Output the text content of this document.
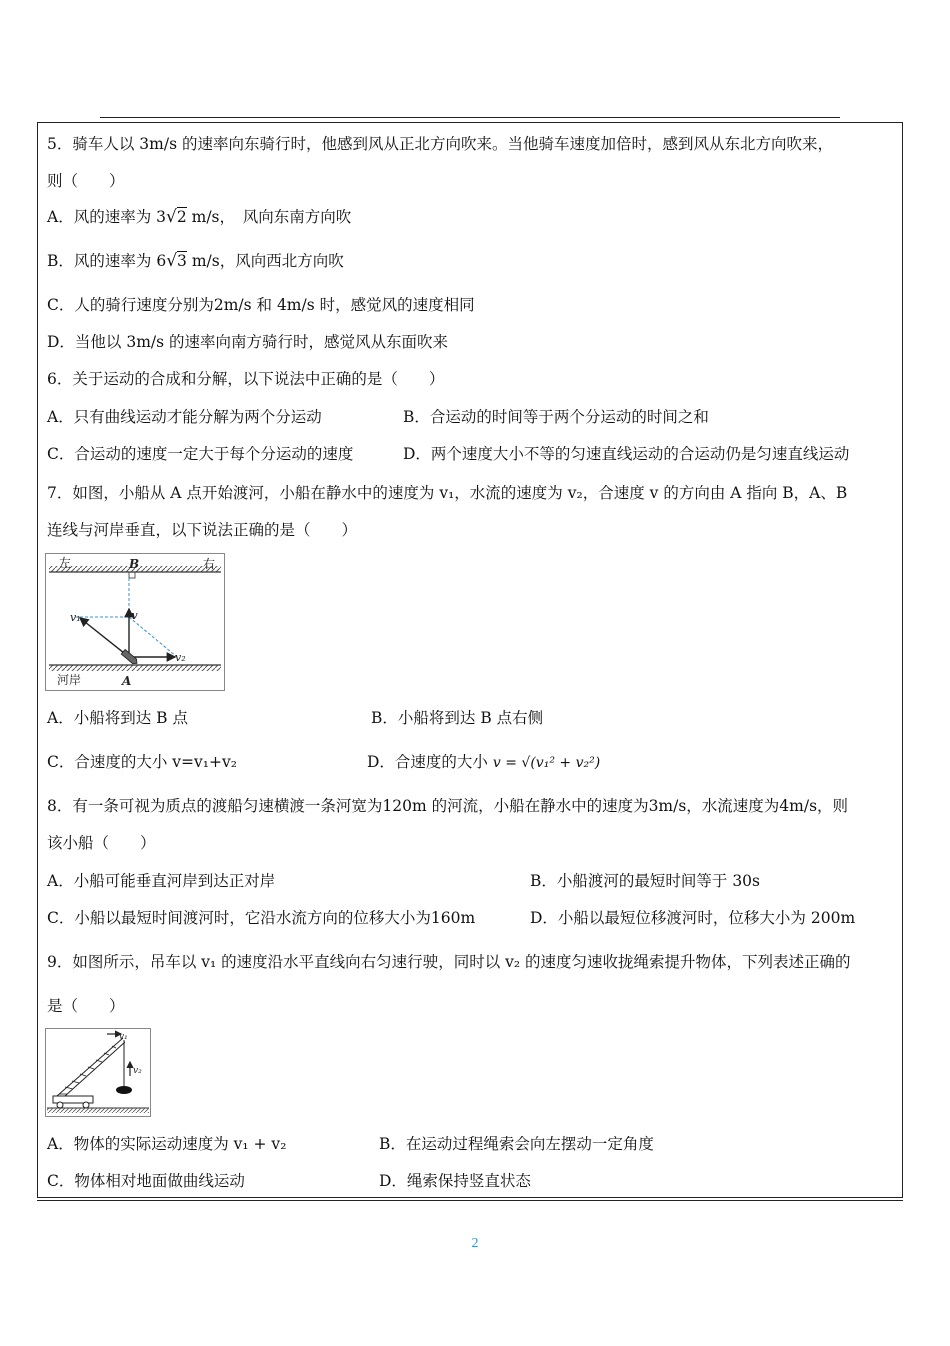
5．骑车人以 3m/s 的速率向东骑行时，他感到风从正北方向吹来。当他骑车速度加倍时，感到风从东北方向吹来，
则（　　）
A．风的速率为 3√2 m/s，　风向东南方向吹
B．风的速率为 6√3 m/s，风向西北方向吹
C．人的骑行速度分别为2m/s 和 4m/s 时，感觉风的速度相同
D．当他以 3m/s 的速率向南方骑行时，感觉风从东面吹来
6．关于运动的合成和分解，以下说法中正确的是（　　）
A．只有曲线运动才能分解为两个分运动	B．合运动的时间等于两个分运动的时间之和
C．合运动的速度一定大于每个分运动的速度	D．两个速度大小不等的匀速直线运动的合运动仍是匀速直线运动
7．如图，小船从 A 点开始渡河，小船在静水中的速度为 v₁，水流的速度为 v₂，合速度 v 的方向由 A 指向 B，A、B
连线与河岸垂直，以下说法正确的是（　　）
左	右
B
v
v₁
v₂
河岸	A
A．小船将到达 B 点	B．小船将到达 B 点右侧
C．合速度的大小 v=v₁+v₂	D．合速度的大小 v = √(v₁² + v₂²)
8．有一条可视为质点的渡船匀速横渡一条河宽为120m 的河流，小船在静水中的速度为3m/s，水流速度为4m/s，则
该小船（　　）
A．小船可能垂直河岸到达正对岸	B．小船渡河的最短时间等于 30s
C．小船以最短时间渡河时，它沿水流方向的位移大小为160m	D．小船以最短位移渡河时，位移大小为 200m
9．如图所示，吊车以 v₁ 的速度沿水平直线向右匀速行驶，同时以 v₂ 的速度匀速收拢绳索提升物体，下列表述正确的
是（　　）
v₁
v₂
A．物体的实际运动速度为 v₁ + v₂	B．在运动过程绳索会向左摆动一定角度
C．物体相对地面做曲线运动	D．绳索保持竖直状态
2
